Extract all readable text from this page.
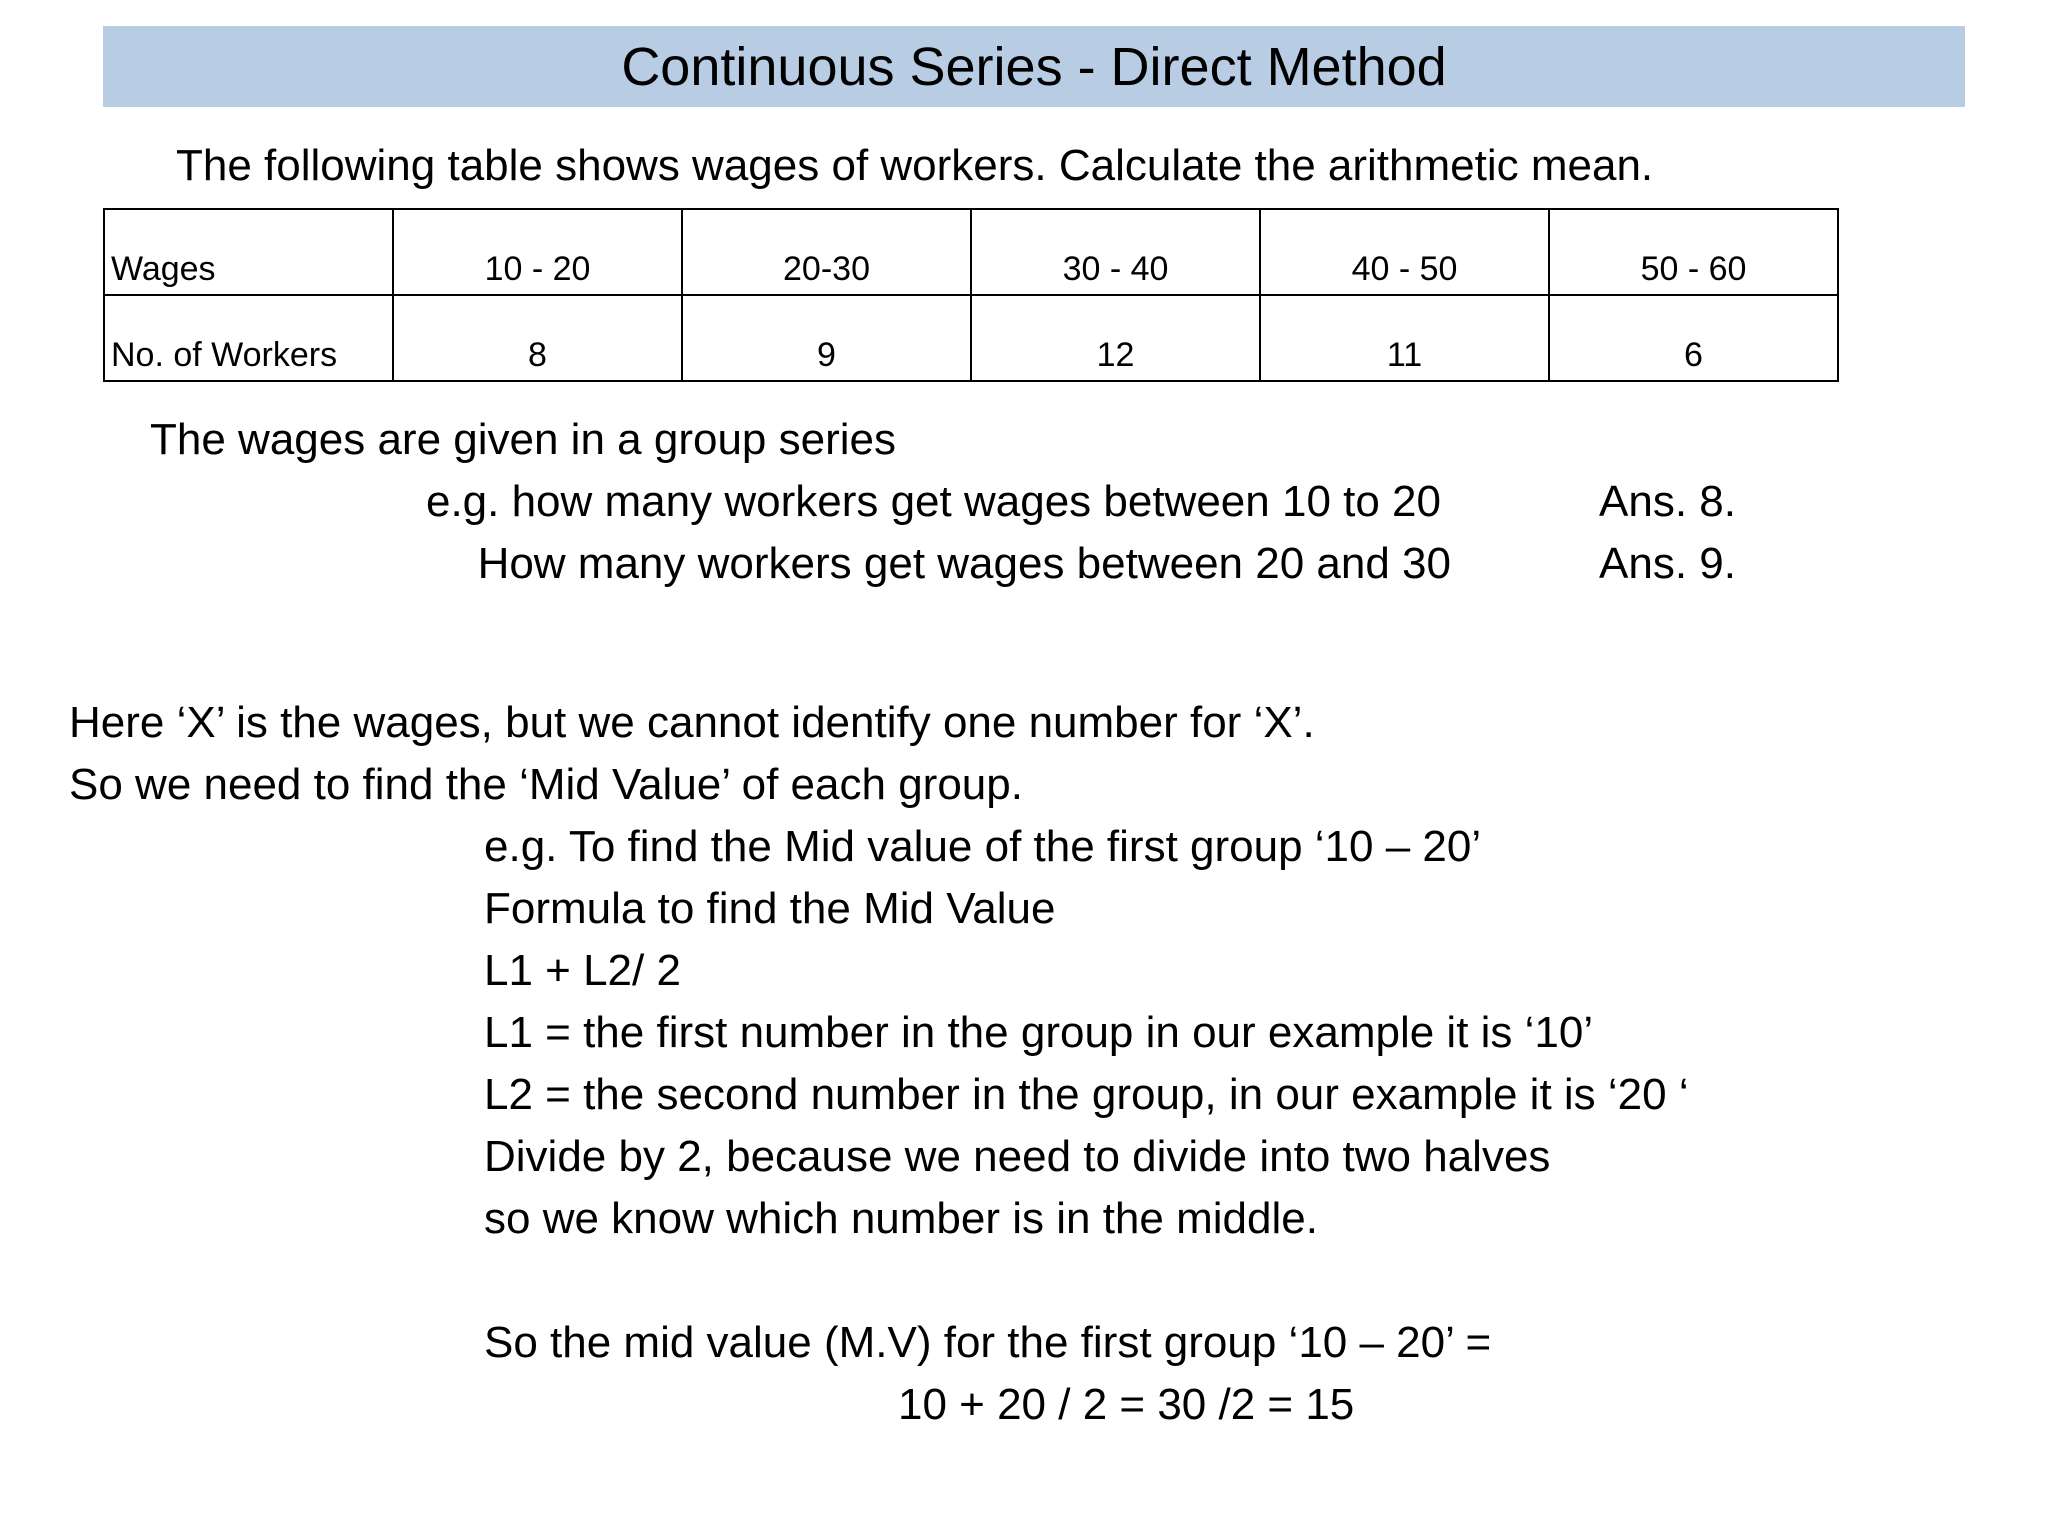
Continuous Series - Direct Method
The following table shows wages of workers. Calculate the arithmetic mean.
Wages	10 - 20	20-30	30 - 40	40 - 50	50 - 60
No. of Workers	8	9	12	11	6
The wages are given in a group series
e.g. how many workers get wages between 10 to 20	Ans. 8.
How many workers get wages between 20 and 30	Ans. 9.
Here ‘X’ is the wages, but we cannot identify one number for ‘X’.
So we need to find the ‘Mid Value’ of each group.
e.g. To find the Mid value of the first group ‘10 – 20’
Formula to find the Mid Value
L1 + L2/ 2
L1 = the first number in the group in our example it is ‘10’
L2 = the second number in the group, in our example it is ‘20 ‘
Divide by 2, because we need to divide into two halves
so we know which number is in the middle.
So the mid value (M.V) for the first group ‘10 – 20’ =
10 + 20 / 2 = 30 /2 = 15
